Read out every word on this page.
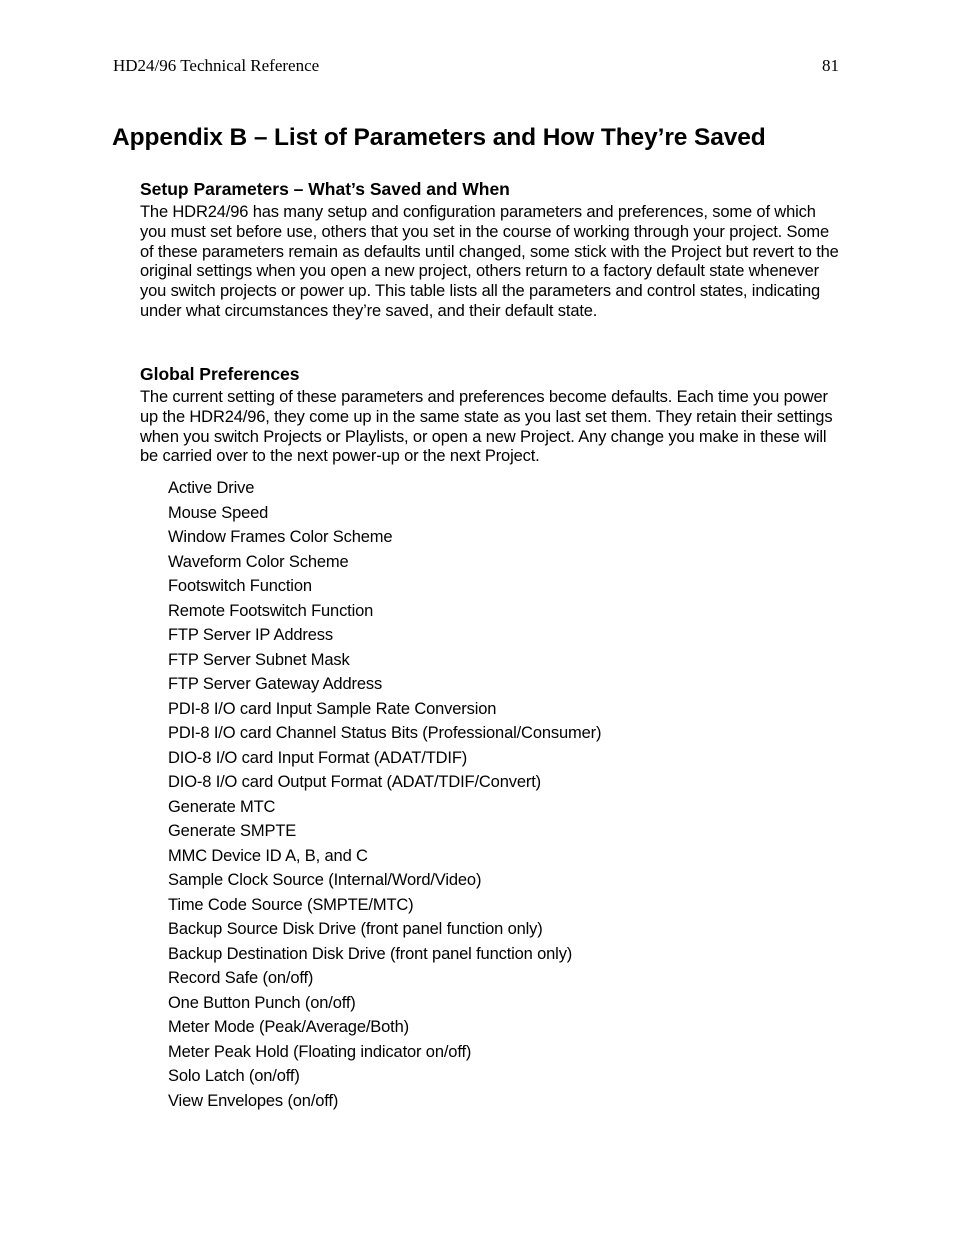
HD24/96 Technical Reference	81
Appendix B – List of Parameters and How They’re Saved
Setup Parameters – What’s Saved and When

The HDR24/96 has many setup and configuration parameters and preferences, some of which you must set before use, others that you set in the course of working through your project. Some of these parameters remain as defaults until changed, some stick with the Project but revert to the original settings when you open a new project, others return to a factory default state whenever you switch projects or power up. This table lists all the parameters and control states, indicating under what circumstances they’re saved, and their default state.

Global Preferences

The current setting of these parameters and preferences become defaults. Each time you power up the HDR24/96, they come up in the same state as you last set them. They retain their settings when you switch Projects or Playlists, or open a new Project. Any change you make in these will be carried over to the next power-up or the next Project.

Active Drive
Mouse Speed
Window Frames Color Scheme
Waveform Color Scheme
Footswitch Function
Remote Footswitch Function
FTP Server IP Address
FTP Server Subnet Mask
FTP Server Gateway Address
PDI-8 I/O card Input Sample Rate Conversion
PDI-8 I/O card Channel Status Bits (Professional/Consumer)
DIO-8 I/O card Input Format (ADAT/TDIF)
DIO-8 I/O card Output Format (ADAT/TDIF/Convert)
Generate MTC
Generate SMPTE
MMC Device ID A, B, and C
Sample Clock Source (Internal/Word/Video)
Time Code Source (SMPTE/MTC)
Backup Source Disk Drive (front panel function only)
Backup Destination Disk Drive (front panel function only)
Record Safe (on/off)
One Button Punch (on/off)
Meter Mode (Peak/Average/Both)
Meter Peak Hold (Floating indicator on/off)
Solo Latch (on/off)
View Envelopes (on/off)
